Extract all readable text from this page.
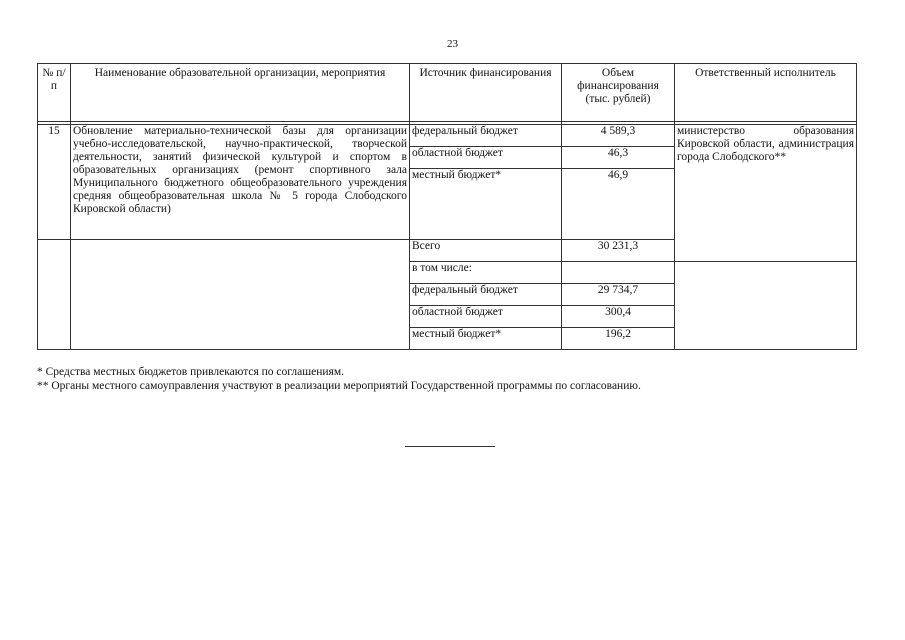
23
№ п/п	Наименование образовательной организации, мероприятия	Источник финансирования	Объем финансирования (тыс. рублей)	Ответственный исполнитель

15	Обновление материально-технической базы для организации учебно-исследовательской, научно-практической, творческой деятельности, занятий физической культурой и спортом в образовательных организациях (ремонт спортивного зала Муниципального бюджетного общеобразовательного учреждения средняя общеобразовательная школа № 5 города Слободского Кировской области)	федеральный бюджет	4 589,3	министерство образования Кировской области, администрация города Слободского**
		областной бюджет	46,3	
		местный бюджет*	46,9	
		Всего	30 231,3	
		в том числе:		
		федеральный бюджет	29 734,7	
		областной бюджет	300,4	
		местный бюджет*	196,2	
* Средства местных бюджетов привлекаются по соглашениям.
** Органы местного самоуправления участвуют в реализации мероприятий Государственной программы по согласованию.
